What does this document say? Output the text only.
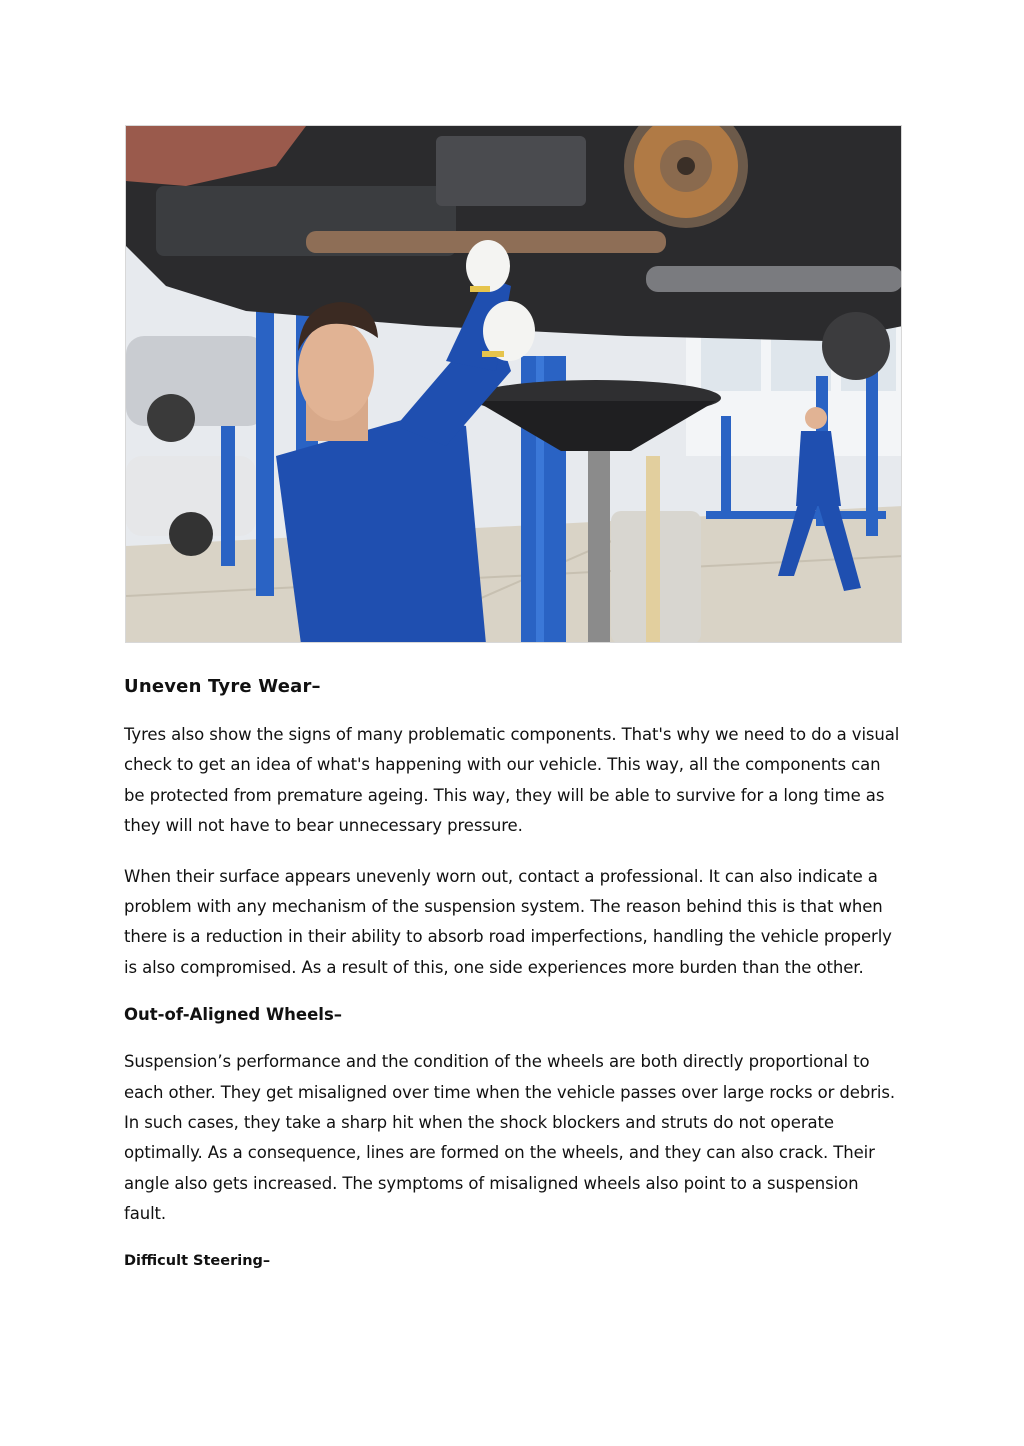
Uneven Tyre Wear–

Tyres also show the signs of many problematic components. That's why we need to do a visual check to get an idea of what's happening with our vehicle. This way, all the components can be protected from premature ageing. This way, they will be able to survive for a long time as they will not have to bear unnecessary pressure.

When their surface appears unevenly worn out, contact a professional. It can also indicate a problem with any mechanism of the suspension system. The reason behind this is that when there is a reduction in their ability to absorb road imperfections, handling the vehicle properly is also compromised. As a result of this, one side experiences more burden than the other.

Out-of-Aligned Wheels–

Suspension’s performance and the condition of the wheels are both directly proportional to each other. They get misaligned over time when the vehicle passes over large rocks or debris. In such cases, they take a sharp hit when the shock blockers and struts do not operate optimally. As a consequence, lines are formed on the wheels, and they can also crack. Their angle also gets increased. The symptoms of misaligned wheels also point to a suspension fault.

Difficult Steering–
